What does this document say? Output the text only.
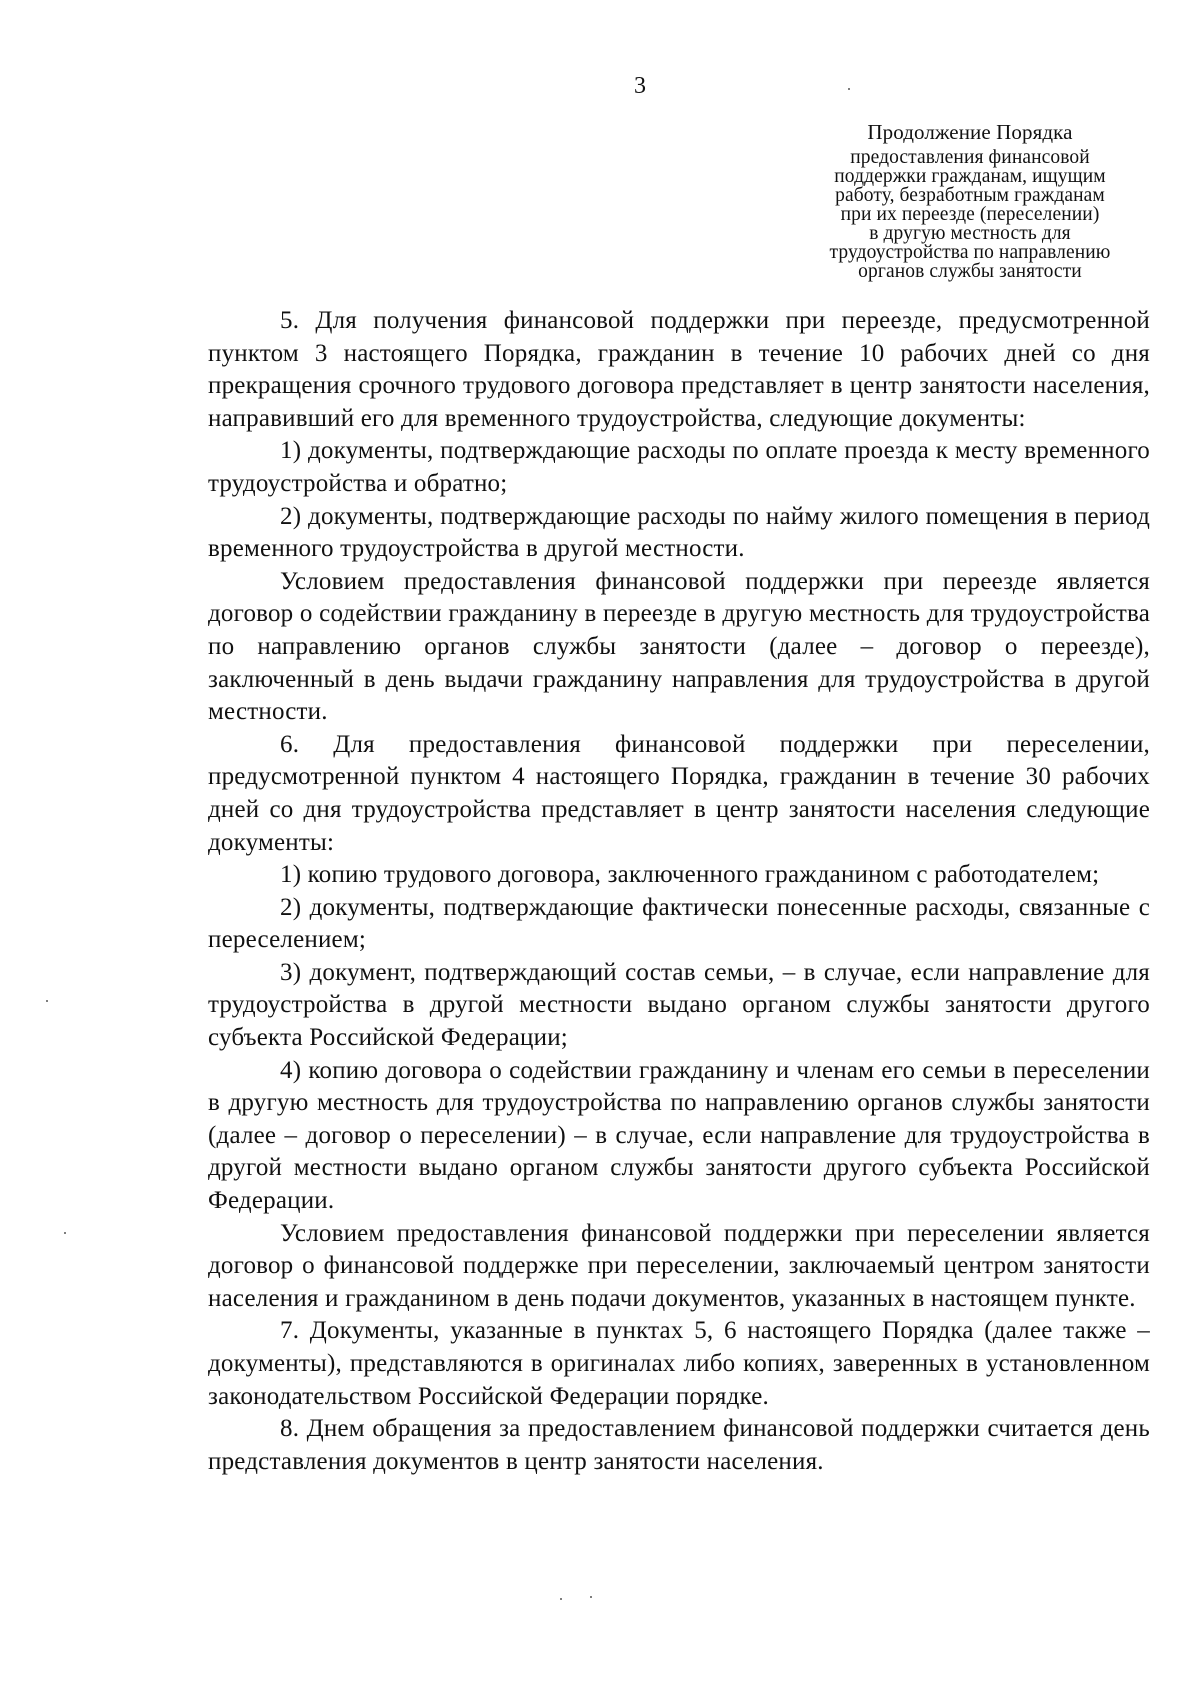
3
Продолжение Порядка
предоставления финансовой
поддержки гражданам, ищущим
работу, безработным гражданам
при их переезде (переселении)
в другую местность для
трудоустройства по направлению
органов службы занятости

5. Для получения финансовой поддержки при переезде, предусмотренной пунктом 3 настоящего Порядка, гражданин в течение 10 рабочих дней со дня прекращения срочного трудового договора представляет в центр занятости населения, направивший его для временного трудоустройства, следующие документы:

1) документы, подтверждающие расходы по оплате проезда к месту временного трудоустройства и обратно;

2) документы, подтверждающие расходы по найму жилого помещения в период временного трудоустройства в другой местности.

Условием предоставления финансовой поддержки при переезде является договор о содействии гражданину в переезде в другую местность для трудоустройства по направлению органов службы занятости (далее – договор о переезде), заключенный в день выдачи гражданину направления для трудоустройства в другой местности.

6. Для предоставления финансовой поддержки при переселении, предусмотренной пунктом 4 настоящего Порядка, гражданин в течение 30 рабочих дней со дня трудоустройства представляет в центр занятости населения следующие документы:

1) копию трудового договора, заключенного гражданином с работодателем;

2) документы, подтверждающие фактически понесенные расходы, связанные с переселением;

3) документ, подтверждающий состав семьи, – в случае, если направление для трудоустройства в другой местности выдано органом службы занятости другого субъекта Российской Федерации;

4) копию договора о содействии гражданину и членам его семьи в переселении в другую местность для трудоустройства по направлению органов службы занятости (далее – договор о переселении) – в случае, если направление для трудоустройства в другой местности выдано органом службы занятости другого субъекта Российской Федерации.

Условием предоставления финансовой поддержки при переселении является договор о финансовой поддержке при переселении, заключаемый центром занятости населения и гражданином в день подачи документов, указанных в настоящем пункте.

7. Документы, указанные в пунктах 5, 6 настоящего Порядка (далее также – документы), представляются в оригиналах либо копиях, заверенных в установленном законодательством Российской Федерации порядке.

8. Днем обращения за предоставлением финансовой поддержки считается день представления документов в центр занятости населения.
